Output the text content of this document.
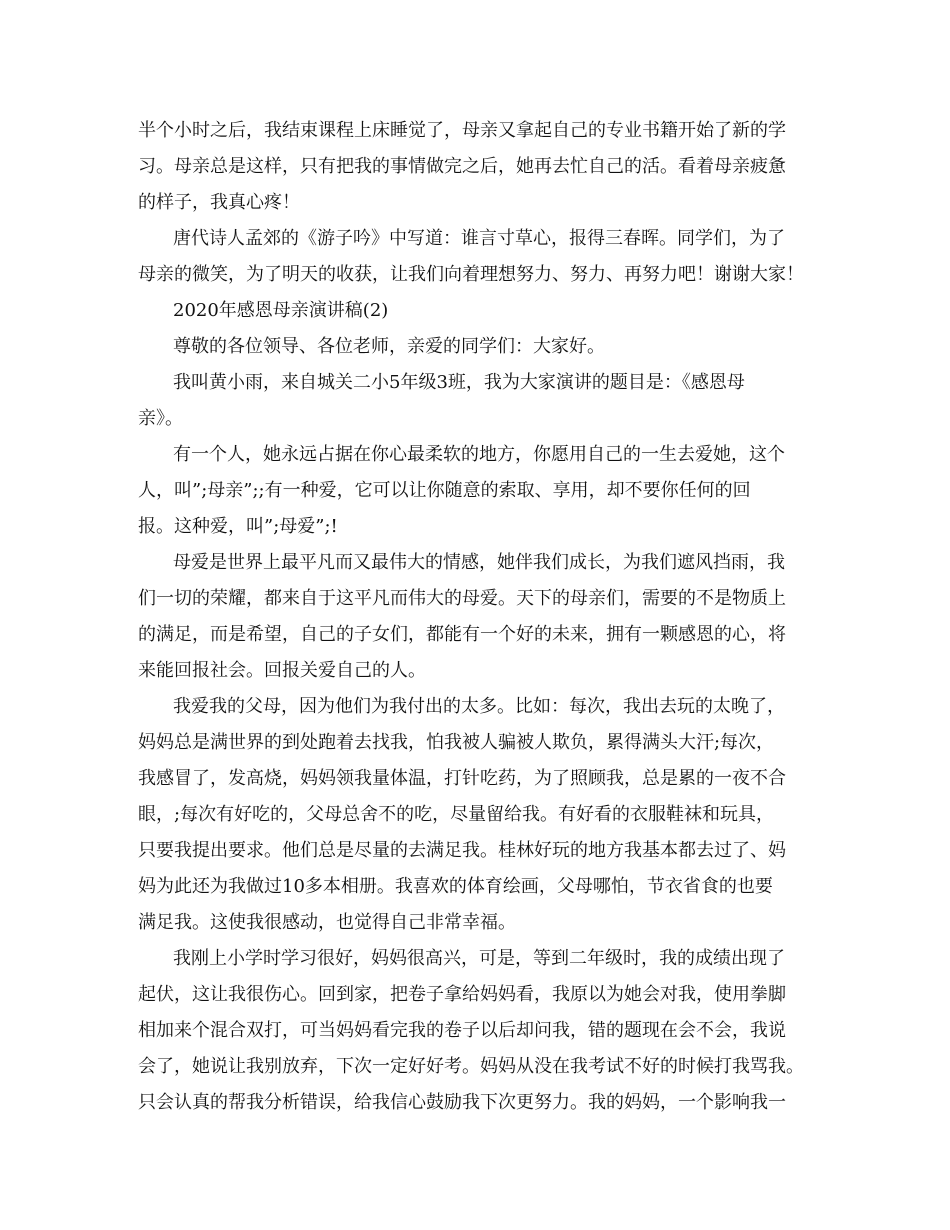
半个小时之后，我结束课程上床睡觉了，母亲又拿起自己的专业书籍开始了新的学

习。母亲总是这样，只有把我的事情做完之后，她再去忙自己的活。看着母亲疲惫

的样子，我真心疼！

唐代诗人孟郊的《游子吟》中写道：谁言寸草心，报得三春晖。同学们，为了

母亲的微笑，为了明天的收获，让我们向着理想努力、努力、再努力吧！谢谢大家！

2020年感恩母亲演讲稿(2)

尊敬的各位领导、各位老师，亲爱的同学们：大家好。

我叫黄小雨，来自城关二小5年级3班，我为大家演讲的题目是：《感恩母

亲》。

有一个人，她永远占据在你心最柔软的地方，你愿用自己的一生去爱她，这个

人，叫”;母亲”;;有一种爱，它可以让你随意的索取、享用，却不要你任何的回

报。这种爱，叫”;母爱”;!

母爱是世界上最平凡而又最伟大的情感，她伴我们成长，为我们遮风挡雨，我

们一切的荣耀，都来自于这平凡而伟大的母爱。天下的母亲们，需要的不是物质上

的满足，而是希望，自己的子女们，都能有一个好的未来，拥有一颗感恩的心，将

来能回报社会。回报关爱自己的人。

我爱我的父母，因为他们为我付出的太多。比如：每次，我出去玩的太晚了，

妈妈总是满世界的到处跑着去找我，怕我被人骗被人欺负，累得满头大汗;每次，

我感冒了，发高烧，妈妈领我量体温，打针吃药，为了照顾我，总是累的一夜不合

眼，;每次有好吃的，父母总舍不的吃，尽量留给我。有好看的衣服鞋袜和玩具，

只要我提出要求。他们总是尽量的去满足我。桂林好玩的地方我基本都去过了、妈

妈为此还为我做过10多本相册。我喜欢的体育绘画，父母哪怕，节衣省食的也要

满足我。这使我很感动，也觉得自己非常幸福。

我刚上小学时学习很好，妈妈很高兴，可是，等到二年级时，我的成绩出现了

起伏，这让我很伤心。回到家，把卷子拿给妈妈看，我原以为她会对我，使用拳脚

相加来个混合双打，可当妈妈看完我的卷子以后却问我，错的题现在会不会，我说

会了，她说让我别放弃，下次一定好好考。妈妈从没在我考试不好的时候打我骂我。

只会认真的帮我分析错误，给我信心鼓励我下次更努力。我的妈妈，一个影响我一
